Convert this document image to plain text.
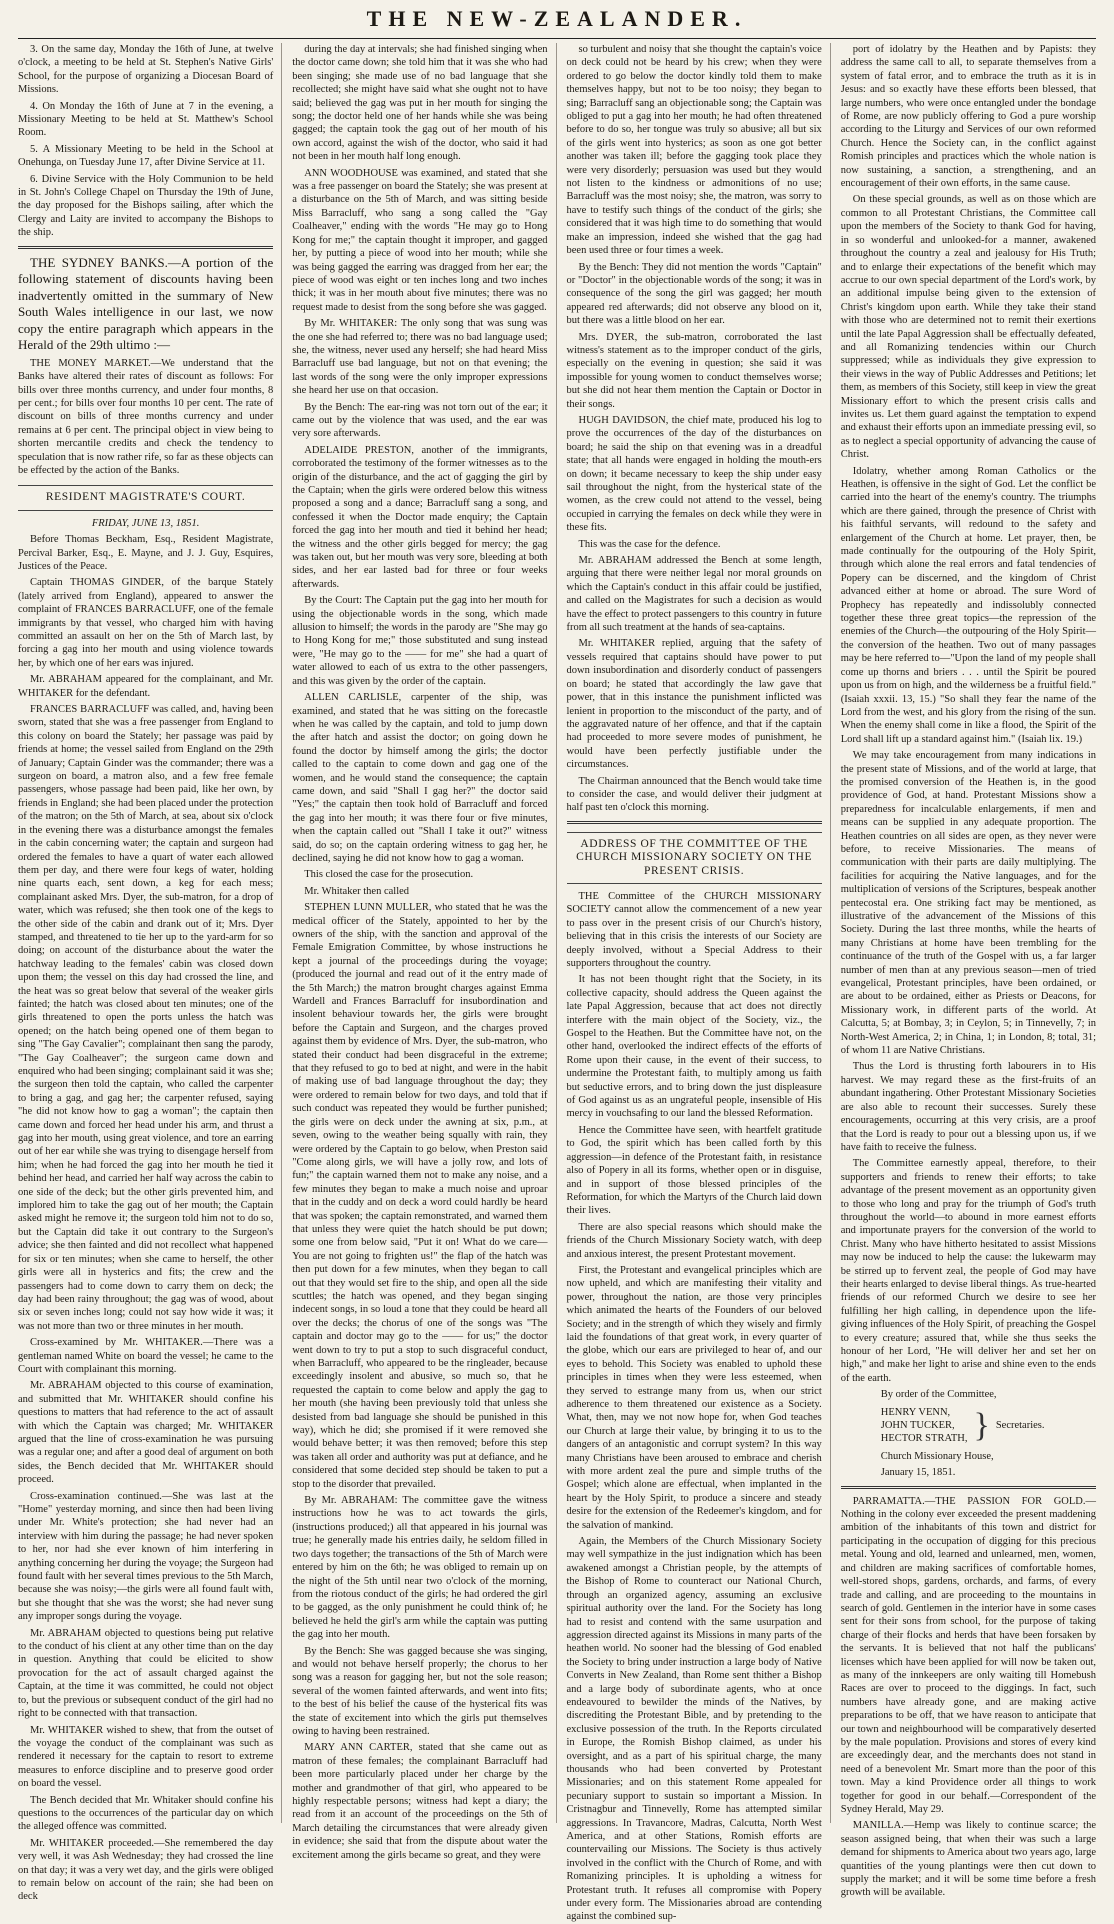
THE NEW-ZEALANDER.

3. On the same day, Monday the 16th of June, at twelve o'clock, a meeting to be held at St. Stephen's Native Girls' School, for the purpose of organizing a Diocesan Board of Missions.

4. On Monday the 16th of June at 7 in the evening, a Missionary Meeting to be held at St. Matthew's School Room.

5. A Missionary Meeting to be held in the School at Onehunga, on Tuesday June 17, after Divine Service at 11.

6. Divine Service with the Holy Communion to be held in St. John's College Chapel on Thursday the 19th of June, the day proposed for the Bishops sailing, after which the Clergy and Laity are invited to accompany the Bishops to the ship.

THE SYDNEY BANKS.—A portion of the following statement of discounts having been inadvertently omitted in the summary of New South Wales intelligence in our last, we now copy the entire paragraph which appears in the Herald of the 29th ultimo :—

THE MONEY MARKET.—We understand that the Banks have altered their rates of discount as follows: For bills over three months currency, and under four months, 8 per cent.; for bills over four months 10 per cent. The rate of discount on bills of three months currency and under remains at 6 per cent. The principal object in view being to shorten mercantile credits and check the tendency to speculation that is now rather rife, so far as these objects can be effected by the action of the Banks.

RESIDENT MAGISTRATE'S COURT.

FRIDAY, JUNE 13, 1851.

Before Thomas Beckham, Esq., Resident Magistrate, Percival Barker, Esq., E. Mayne, and J. J. Guy, Esquires, Justices of the Peace.

Captain THOMAS GINDER, of the barque Stately (lately arrived from England), appeared to answer the complaint of FRANCES BARRACLUFF, one of the female immigrants by that vessel, who charged him with having committed an assault on her on the 5th of March last, by forcing a gag into her mouth and using violence towards her, by which one of her ears was injured.

Mr. ABRAHAM appeared for the complainant, and Mr. WHITAKER for the defendant.

FRANCES BARRACLUFF was called, and, having been sworn, stated that she was a free passenger from England to this colony on board the Stately; her passage was paid by friends at home; the vessel sailed from England on the 29th of January; Captain Ginder was the commander; there was a surgeon on board, a matron also, and a few free female passengers, whose passage had been paid, like her own, by friends in England; she had been placed under the protection of the matron; on the 5th of March, at sea, about six o'clock in the evening there was a disturbance amongst the females in the cabin concerning water; the captain and surgeon had ordered the females to have a quart of water each allowed them per day, and there were four kegs of water, holding nine quarts each, sent down, a keg for each mess; complainant asked Mrs. Dyer, the sub-matron, for a drop of water, which was refused; she then took one of the kegs to the other side of the cabin and drank out of it; Mrs. Dyer stamped, and threatened to tie her up to the yard-arm for so doing; on account of the disturbance about the water the hatchway leading to the females' cabin was closed down upon them; the vessel on this day had crossed the line, and the heat was so great below that several of the weaker girls fainted; the hatch was closed about ten minutes; one of the girls threatened to open the ports unless the hatch was opened; on the hatch being opened one of them began to sing "The Gay Cavalier"; complainant then sang the parody, "The Gay Coalheaver"; the surgeon came down and enquired who had been singing; complainant said it was she; the surgeon then told the captain, who called the carpenter to bring a gag, and gag her; the carpenter refused, saying "he did not know how to gag a woman"; the captain then came down and forced her head under his arm, and thrust a gag into her mouth, using great violence, and tore an earring out of her ear while she was trying to disengage herself from him; when he had forced the gag into her mouth he tied it behind her head, and carried her half way across the cabin to one side of the deck; but the other girls prevented him, and implored him to take the gag out of her mouth; the Captain asked might he remove it; the surgeon told him not to do so, but the Captain did take it out contrary to the Surgeon's advice; she then fainted and did not recollect what happened for six or ten minutes; when she came to herself, the other girls were all in hysterics and fits; the crew and the passengers had to come down to carry them on deck; the day had been rainy throughout; the gag was of wood, about six or seven inches long; could not say how wide it was; it was not more than two or three minutes in her mouth.

Cross-examined by Mr. WHITAKER.—There was a gentleman named White on board the vessel; he came to the Court with complainant this morning.

Mr. ABRAHAM objected to this course of examination, and submitted that Mr. WHITAKER should confine his questions to matters that had reference to the act of assault with which the Captain was charged; Mr. WHITAKER argued that the line of cross-examination he was pursuing was a regular one; and after a good deal of argument on both sides, the Bench decided that Mr. WHITAKER should proceed.

Cross-examination continued.—She was last at the "Home" yesterday morning, and since then had been living under Mr. White's protection; she had never had an interview with him during the passage; he had never spoken to her, nor had she ever known of him interfering in anything concerning her during the voyage; the Surgeon had found fault with her several times previous to the 5th March, because she was noisy;—the girls were all found fault with, but she thought that she was the worst; she had never sung any improper songs during the voyage.

Mr. ABRAHAM objected to questions being put relative to the conduct of his client at any other time than on the day in question. Anything that could be elicited to show provocation for the act of assault charged against the Captain, at the time it was committed, he could not object to, but the previous or subsequent conduct of the girl had no right to be connected with that transaction.

Mr. WHITAKER wished to shew, that from the outset of the voyage the conduct of the complainant was such as rendered it necessary for the captain to resort to extreme measures to enforce discipline and to preserve good order on board the vessel.

The Bench decided that Mr. Whitaker should confine his questions to the occurrences of the particular day on which the alleged offence was committed.

Mr. WHITAKER proceeded.—She remembered the day very well, it was Ash Wednesday; they had crossed the line on that day; it was a very wet day, and the girls were obliged to remain below on account of the rain; she had been on deck

during the day at intervals; she had finished singing when the doctor came down; she told him that it was she who had been singing; she made use of no bad language that she recollected; she might have said what she ought not to have said; believed the gag was put in her mouth for singing the song; the doctor held one of her hands while she was being gagged; the captain took the gag out of her mouth of his own accord, against the wish of the doctor, who said it had not been in her mouth half long enough.

ANN WOODHOUSE was examined, and stated that she was a free passenger on board the Stately; she was present at a disturbance on the 5th of March, and was sitting beside Miss Barracluff, who sang a song called the "Gay Coalheaver," ending with the words "He may go to Hong Kong for me;" the captain thought it improper, and gagged her, by putting a piece of wood into her mouth; while she was being gagged the earring was dragged from her ear; the piece of wood was eight or ten inches long and two inches thick; it was in her mouth about five minutes; there was no request made to desist from the song before she was gagged.

By Mr. WHITAKER: The only song that was sung was the one she had referred to; there was no bad language used; she, the witness, never used any herself; she had heard Miss Barracluff use bad language, but not on that evening; the last words of the song were the only improper expressions she heard her use on that occasion.

By the Bench: The ear-ring was not torn out of the ear; it came out by the violence that was used, and the ear was very sore afterwards.

ADELAIDE PRESTON, another of the immigrants, corroborated the testimony of the former witnesses as to the origin of the disturbance, and the act of gagging the girl by the Captain; when the girls were ordered below this witness proposed a song and a dance; Barracluff sang a song, and confessed it when the Doctor made enquiry; the Captain forced the gag into her mouth and tied it behind her head; the witness and the other girls begged for mercy; the gag was taken out, but her mouth was very sore, bleeding at both sides, and her ear lasted bad for three or four weeks afterwards.

By the Court: The Captain put the gag into her mouth for using the objectionable words in the song, which made allusion to himself; the words in the parody are "She may go to Hong Kong for me;" those substituted and sung instead were, "He may go to the —— for me" she had a quart of water allowed to each of us extra to the other passengers, and this was given by the order of the captain.

ALLEN CARLISLE, carpenter of the ship, was examined, and stated that he was sitting on the forecastle when he was called by the captain, and told to jump down the after hatch and assist the doctor; on going down he found the doctor by himself among the girls; the doctor called to the captain to come down and gag one of the women, and he would stand the consequence; the captain came down, and said "Shall I gag her?" the doctor said "Yes;" the captain then took hold of Barracluff and forced the gag into her mouth; it was there four or five minutes, when the captain called out "Shall I take it out?" witness said, do so; on the captain ordering witness to gag her, he declined, saying he did not know how to gag a woman.

This closed the case for the prosecution.

Mr. Whitaker then called

STEPHEN LUNN MULLER, who stated that he was the medical officer of the Stately, appointed to her by the owners of the ship, with the sanction and approval of the Female Emigration Committee, by whose instructions he kept a journal of the proceedings during the voyage; (produced the journal and read out of it the entry made of the 5th March;) the matron brought charges against Emma Wardell and Frances Barracluff for insubordination and insolent behaviour towards her, the girls were brought before the Captain and Surgeon, and the charges proved against them by evidence of Mrs. Dyer, the sub-matron, who stated their conduct had been disgraceful in the extreme; that they refused to go to bed at night, and were in the habit of making use of bad language throughout the day; they were ordered to remain below for two days, and told that if such conduct was repeated they would be further punished; the girls were on deck under the awning at six, p.m., at seven, owing to the weather being squally with rain, they were ordered by the Captain to go below, when Preston said "Come along girls, we will have a jolly row, and lots of fun;" the captain warned them not to make any noise, and a few minutes they began to make a much noise and uproar that in the cuddy and on deck a word could hardly be heard that was spoken; the captain remonstrated, and warned them that unless they were quiet the hatch should be put down; some one from below said, "Put it on! What do we care—You are not going to frighten us!" the flap of the hatch was then put down for a few minutes, when they began to call out that they would set fire to the ship, and open all the side scuttles; the hatch was opened, and they began singing indecent songs, in so loud a tone that they could be heard all over the decks; the chorus of one of the songs was "The captain and doctor may go to the —— for us;" the doctor went down to try to put a stop to such disgraceful conduct, when Barracluff, who appeared to be the ringleader, because exceedingly insolent and abusive, so much so, that he requested the captain to come below and apply the gag to her mouth (she having been previously told that unless she desisted from bad language she should be punished in this way), which he did; she promised if it were removed she would behave better; it was then removed; before this step was taken all order and authority was put at defiance, and he considered that some decided step should be taken to put a stop to the disorder that prevailed.

By Mr. ABRAHAM: The committee gave the witness instructions how he was to act towards the girls, (instructions produced;) all that appeared in his journal was true; he generally made his entries daily, he seldom filled in two days together; the transactions of the 5th of March were entered by him on the 6th; he was obliged to remain up on the night of the 5th until near two o'clock of the morning, from the riotous conduct of the girls; he had ordered the girl to be gagged, as the only punishment he could think of; he believed he held the girl's arm while the captain was putting the gag into her mouth.

By the Bench: She was gagged because she was singing, and would not behave herself properly; the chorus to her song was a reason for gagging her, but not the sole reason; several of the women fainted afterwards, and went into fits; to the best of his belief the cause of the hysterical fits was the state of excitement into which the girls put themselves owing to having been restrained.

MARY ANN CARTER, stated that she came out as matron of these females; the complainant Barracluff had been more particularly placed under her charge by the mother and grandmother of that girl, who appeared to be highly respectable persons; witness had kept a diary; the read from it an account of the proceedings on the 5th of March detailing the circumstances that were already given in evidence; she said that from the dispute about water the excitement among the girls became so great, and they were

so turbulent and noisy that she thought the captain's voice on deck could not be heard by his crew; when they were ordered to go below the doctor kindly told them to make themselves happy, but not to be too noisy; they began to sing; Barracluff sang an objectionable song; the Captain was obliged to put a gag into her mouth; he had often threatened before to do so, her tongue was truly so abusive; all but six of the girls went into hysterics; as soon as one got better another was taken ill; before the gagging took place they were very disorderly; persuasion was used but they would not listen to the kindness or admonitions of no use; Barracluff was the most noisy; she, the matron, was sorry to have to testify such things of the conduct of the girls; she considered that it was high time to do something that would make an impression, indeed she wished that the gag had been used three or four times a week.

By the Bench: They did not mention the words "Captain" or "Doctor" in the objectionable words of the song; it was in consequence of the song the girl was gagged; her mouth appeared red afterwards; did not observe any blood on it, but there was a little blood on her ear.

Mrs. DYER, the sub-matron, corroborated the last witness's statement as to the improper conduct of the girls, especially on the evening in question; she said it was impossible for young women to conduct themselves worse; but she did not hear them mention the Captain or Doctor in their songs.

HUGH DAVIDSON, the chief mate, produced his log to prove the occurrences of the day of the disturbances on board; he said the ship on that evening was in a dreadful state; that all hands were engaged in holding the mouth-ers on down; it became necessary to keep the ship under easy sail throughout the night, from the hysterical state of the women, as the crew could not attend to the vessel, being occupied in carrying the females on deck while they were in these fits.

This was the case for the defence.

Mr. ABRAHAM addressed the Bench at some length, arguing that there were neither legal nor moral grounds on which the Captain's conduct in this affair could be justified, and called on the Magistrates for such a decision as would have the effect to protect passengers to this country in future from all such treatment at the hands of sea-captains.

Mr. WHITAKER replied, arguing that the safety of vessels required that captains should have power to put down insubordination and disorderly conduct of passengers on board; he stated that accordingly the law gave that power, that in this instance the punishment inflicted was lenient in proportion to the misconduct of the party, and of the aggravated nature of her offence, and that if the captain had proceeded to more severe modes of punishment, he would have been perfectly justifiable under the circumstances.

The Chairman announced that the Bench would take time to consider the case, and would deliver their judgment at half past ten o'clock this morning.

ADDRESS OF THE COMMITTEE OF THE CHURCH MISSIONARY SOCIETY ON THE PRESENT CRISIS.

THE Committee of the CHURCH MISSIONARY SOCIETY cannot allow the commencement of a new year to pass over in the present crisis of our Church's history, believing that in this crisis the interests of our Society are deeply involved, without a Special Address to their supporters throughout the country.

It has not been thought right that the Society, in its collective capacity, should address the Queen against the late Papal Aggression, because that act does not directly interfere with the main object of the Society, viz., the Gospel to the Heathen. But the Committee have not, on the other hand, overlooked the indirect effects of the efforts of Rome upon their cause, in the event of their success, to undermine the Protestant faith, to multiply among us faith but seductive errors, and to bring down the just displeasure of God against us as an ungrateful people, insensible of His mercy in vouchsafing to our land the blessed Reformation.

Hence the Committee have seen, with heartfelt gratitude to God, the spirit which has been called forth by this aggression—in defence of the Protestant faith, in resistance also of Popery in all its forms, whether open or in disguise, and in support of those blessed principles of the Reformation, for which the Martyrs of the Church laid down their lives.

There are also special reasons which should make the friends of the Church Missionary Society watch, with deep and anxious interest, the present Protestant movement.

First, the Protestant and evangelical principles which are now upheld, and which are manifesting their vitality and power, throughout the nation, are those very principles which animated the hearts of the Founders of our beloved Society; and in the strength of which they wisely and firmly laid the foundations of that great work, in every quarter of the globe, which our ears are privileged to hear of, and our eyes to behold. This Society was enabled to uphold these principles in times when they were less esteemed, when they served to estrange many from us, when our strict adherence to them threatened our existence as a Society. What, then, may we not now hope for, when God teaches our Church at large their value, by bringing it to us to the dangers of an antagonistic and corrupt system? In this way many Christians have been aroused to embrace and cherish with more ardent zeal the pure and simple truths of the Gospel; which alone are effectual, when implanted in the heart by the Holy Spirit, to produce a sincere and steady desire for the extension of the Redeemer's kingdom, and for the salvation of mankind.

Again, the Members of the Church Missionary Society may well sympathize in the just indignation which has been awakened amongst a Christian people, by the attempts of the Bishop of Rome to counteract our National Church, through an organized agency, assuming an exclusive spiritual authority over the land. For the Society has long had to resist and contend with the same usurpation and aggression directed against its Missions in many parts of the heathen world. No sooner had the blessing of God enabled the Society to bring under instruction a large body of Native Converts in New Zealand, than Rome sent thither a Bishop and a large body of subordinate agents, who at once endeavoured to bewilder the minds of the Natives, by discrediting the Protestant Bible, and by pretending to the exclusive possession of the truth. In the Reports circulated in Europe, the Romish Bishop claimed, as under his oversight, and as a part of his spiritual charge, the many thousands who had been converted by Protestant Missionaries; and on this statement Rome appealed for pecuniary support to sustain so important a Mission. In Cristnagbur and Tinnevelly, Rome has attempted similar aggressions. In Travancore, Madras, Calcutta, North West America, and at other Stations, Romish efforts are countervailing our Missions. The Society is thus actively involved in the conflict with the Church of Rome, and with Romanizing principles. It is upholding a witness for Protestant truth. It refuses all compromise with Popery under every form. The Missionaries abroad are contending against the combined sup-

port of idolatry by the Heathen and by Papists: they address the same call to all, to separate themselves from a system of fatal error, and to embrace the truth as it is in Jesus: and so exactly have these efforts been blessed, that large numbers, who were once entangled under the bondage of Rome, are now publicly offering to God a pure worship according to the Liturgy and Services of our own reformed Church. Hence the Society can, in the conflict against Romish principles and practices which the whole nation is now sustaining, a sanction, a strengthening, and an encouragement of their own efforts, in the same cause.

On these special grounds, as well as on those which are common to all Protestant Christians, the Committee call upon the members of the Society to thank God for having, in so wonderful and unlooked-for a manner, awakened throughout the country a zeal and jealousy for His Truth; and to enlarge their expectations of the benefit which may accrue to our own special department of the Lord's work, by an additional impulse being given to the extension of Christ's kingdom upon earth. While they take their stand with those who are determined not to remit their exertions until the late Papal Aggression shall be effectually defeated, and all Romanizing tendencies within our Church suppressed; while as individuals they give expression to their views in the way of Public Addresses and Petitions; let them, as members of this Society, still keep in view the great Missionary effort to which the present crisis calls and invites us. Let them guard against the temptation to expend and exhaust their efforts upon an immediate pressing evil, so as to neglect a special opportunity of advancing the cause of Christ.

Idolatry, whether among Roman Catholics or the Heathen, is offensive in the sight of God. Let the conflict be carried into the heart of the enemy's country. The triumphs which are there gained, through the presence of Christ with his faithful servants, will redound to the safety and enlargement of the Church at home. Let prayer, then, be made continually for the outpouring of the Holy Spirit, through which alone the real errors and fatal tendencies of Popery can be discerned, and the kingdom of Christ advanced either at home or abroad. The sure Word of Prophecy has repeatedly and indissolubly connected together these three great topics—the repression of the enemies of the Church—the outpouring of the Holy Spirit—the conversion of the heathen. Two out of many passages may be here referred to—"Upon the land of my people shall come up thorns and briers . . . until the Spirit be poured upon us from on high, and the wilderness be a fruitful field." (Isaiah xxxii. 13, 15.) "So shall they fear the name of the Lord from the west, and his glory from the rising of the sun. When the enemy shall come in like a flood, the Spirit of the Lord shall lift up a standard against him." (Isaiah lix. 19.)

We may take encouragement from many indications in the present state of Missions, and of the world at large, that the promised conversion of the Heathen is, in the good providence of God, at hand. Protestant Missions show a preparedness for incalculable enlargements, if men and means can be supplied in any adequate proportion. The Heathen countries on all sides are open, as they never were before, to receive Missionaries. The means of communication with their parts are daily multiplying. The facilities for acquiring the Native languages, and for the multiplication of versions of the Scriptures, bespeak another pentecostal era. One striking fact may be mentioned, as illustrative of the advancement of the Missions of this Society. During the last three months, while the hearts of many Christians at home have been trembling for the continuance of the truth of the Gospel with us, a far larger number of men than at any previous season—men of tried evangelical, Protestant principles, have been ordained, or are about to be ordained, either as Priests or Deacons, for Missionary work, in different parts of the world. At Calcutta, 5; at Bombay, 3; in Ceylon, 5; in Tinnevelly, 7; in North-West America, 2; in China, 1; in London, 8; total, 31; of whom 11 are Native Christians.

Thus the Lord is thrusting forth labourers in to His harvest. We may regard these as the first-fruits of an abundant ingathering. Other Protestant Missionary Societies are also able to recount their successes. Surely these encouragements, occurring at this very crisis, are a proof that the Lord is ready to pour out a blessing upon us, if we have faith to receive the fulness.

The Committee earnestly appeal, therefore, to their supporters and friends to renew their efforts; to take advantage of the present movement as an opportunity given to those who long and pray for the triumph of God's truth throughout the world—to abound in more earnest efforts and importunate prayers for the conversion of the world to Christ. Many who have hitherto hesitated to assist Missions may now be induced to help the cause: the lukewarm may be stirred up to fervent zeal, the people of God may have their hearts enlarged to devise liberal things. As true-hearted friends of our reformed Church we desire to see her fulfilling her high calling, in dependence upon the life-giving influences of the Holy Spirit, of preaching the Gospel to every creature; assured that, while she thus seeks the honour of her Lord, "He will deliver her and set her on high," and make her light to arise and shine even to the ends of the earth.

By order of the Committee,

HENRY VENN,

JOHN TUCKER,

HECTOR STRATH, } Secretaries.

Church Missionary House,

January 15, 1851.

PARRAMATTA.—THE PASSION FOR GOLD.—Nothing in the colony ever exceeded the present maddening ambition of the inhabitants of this town and district for participating in the occupation of digging for this precious metal. Young and old, learned and unlearned, men, women, and children are making sacrifices of comfortable homes, well-stored shops, gardens, orchards, and farms, of every trade and calling, and are proceeding to the mountains in search of gold. Gentlemen in the interior have in some cases sent for their sons from school, for the purpose of taking charge of their flocks and herds that have been forsaken by the servants. It is believed that not half the publicans' licenses which have been applied for will now be taken out, as many of the innkeepers are only waiting till Homebush Races are over to proceed to the diggings. In fact, such numbers have already gone, and are making active preparations to be off, that we have reason to anticipate that our town and neighbourhood will be comparatively deserted by the male population. Provisions and stores of every kind are exceedingly dear, and the merchants does not stand in need of a benevolent Mr. Smart more than the poor of this town. May a kind Providence order all things to work together for good in our behalf.—Correspondent of the Sydney Herald, May 29.

MANILLA.—Hemp was likely to continue scarce; the season assigned being, that when their was such a large demand for shipments to America about two years ago, large quantities of the young plantings were then cut down to supply the market; and it will be some time before a fresh growth will be available.
